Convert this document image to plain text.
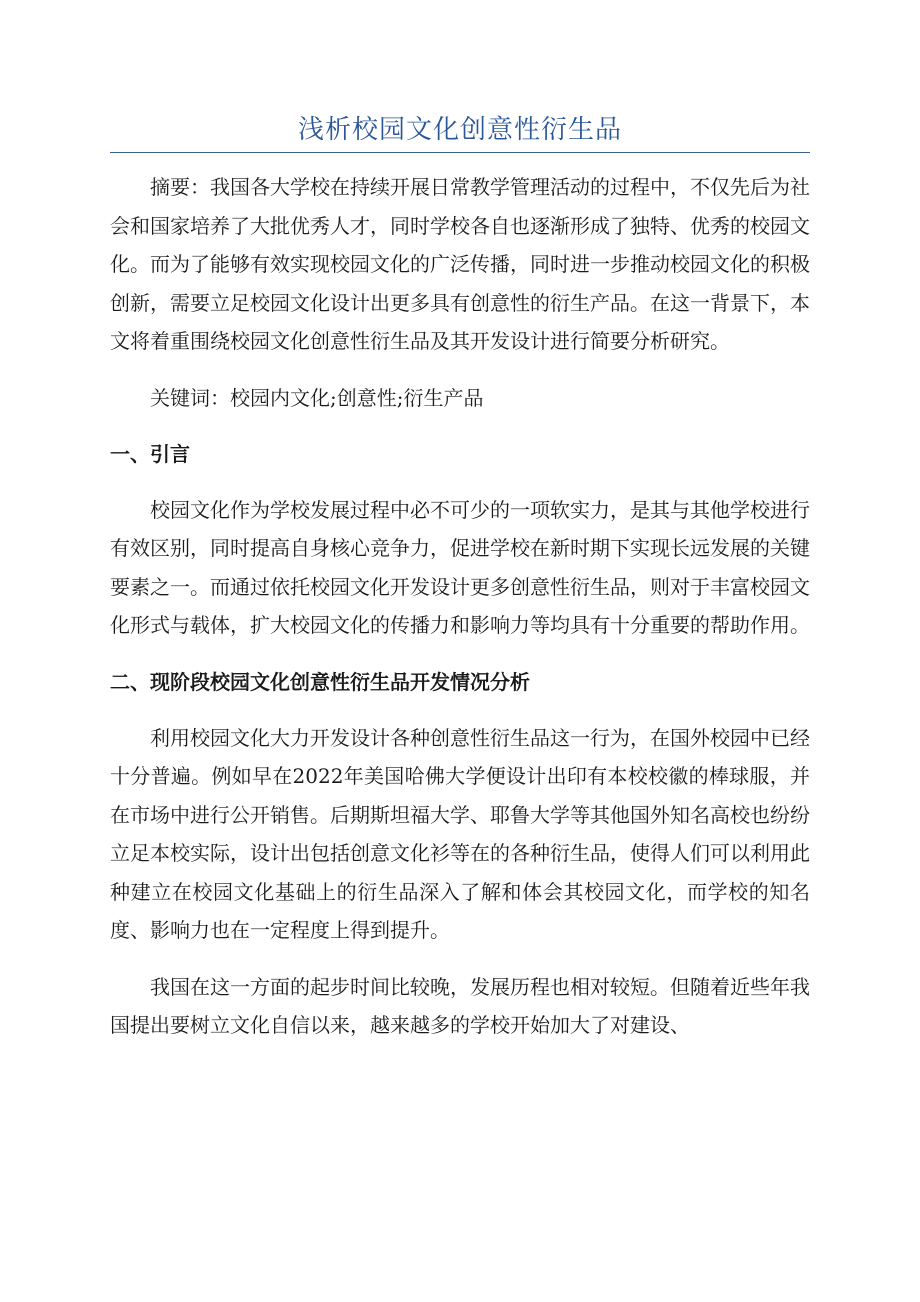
浅析校园文化创意性衍生品

摘要：我国各大学校在持续开展日常教学管理活动的过程中，不仅先后为社会和国家培养了大批优秀人才，同时学校各自也逐渐形成了独特、优秀的校园文化。而为了能够有效实现校园文化的广泛传播，同时进一步推动校园文化的积极创新，需要立足校园文化设计出更多具有创意性的衍生产品。在这一背景下，本文将着重围绕校园文化创意性衍生品及其开发设计进行简要分析研究。

关键词：校园内文化;创意性;衍生产品

一、引言

校园文化作为学校发展过程中必不可少的一项软实力，是其与其他学校进行有效区别，同时提高自身核心竞争力，促进学校在新时期下实现长远发展的关键要素之一。而通过依托校园文化开发设计更多创意性衍生品，则对于丰富校园文化形式与载体，扩大校园文化的传播力和影响力等均具有十分重要的帮助作用。

二、现阶段校园文化创意性衍生品开发情况分析

利用校园文化大力开发设计各种创意性衍生品这一行为，在国外校园中已经十分普遍。例如早在2022年美国哈佛大学便设计出印有本校校徽的棒球服，并在市场中进行公开销售。后期斯坦福大学、耶鲁大学等其他国外知名高校也纷纷立足本校实际，设计出包括创意文化衫等在的各种衍生品，使得人们可以利用此种建立在校园文化基础上的衍生品深入了解和体会其校园文化，而学校的知名度、影响力也在一定程度上得到提升。

我国在这一方面的起步时间比较晚，发展历程也相对较短。但随着近些年我国提出要树立文化自信以来，越来越多的学校开始加大了对建设、
